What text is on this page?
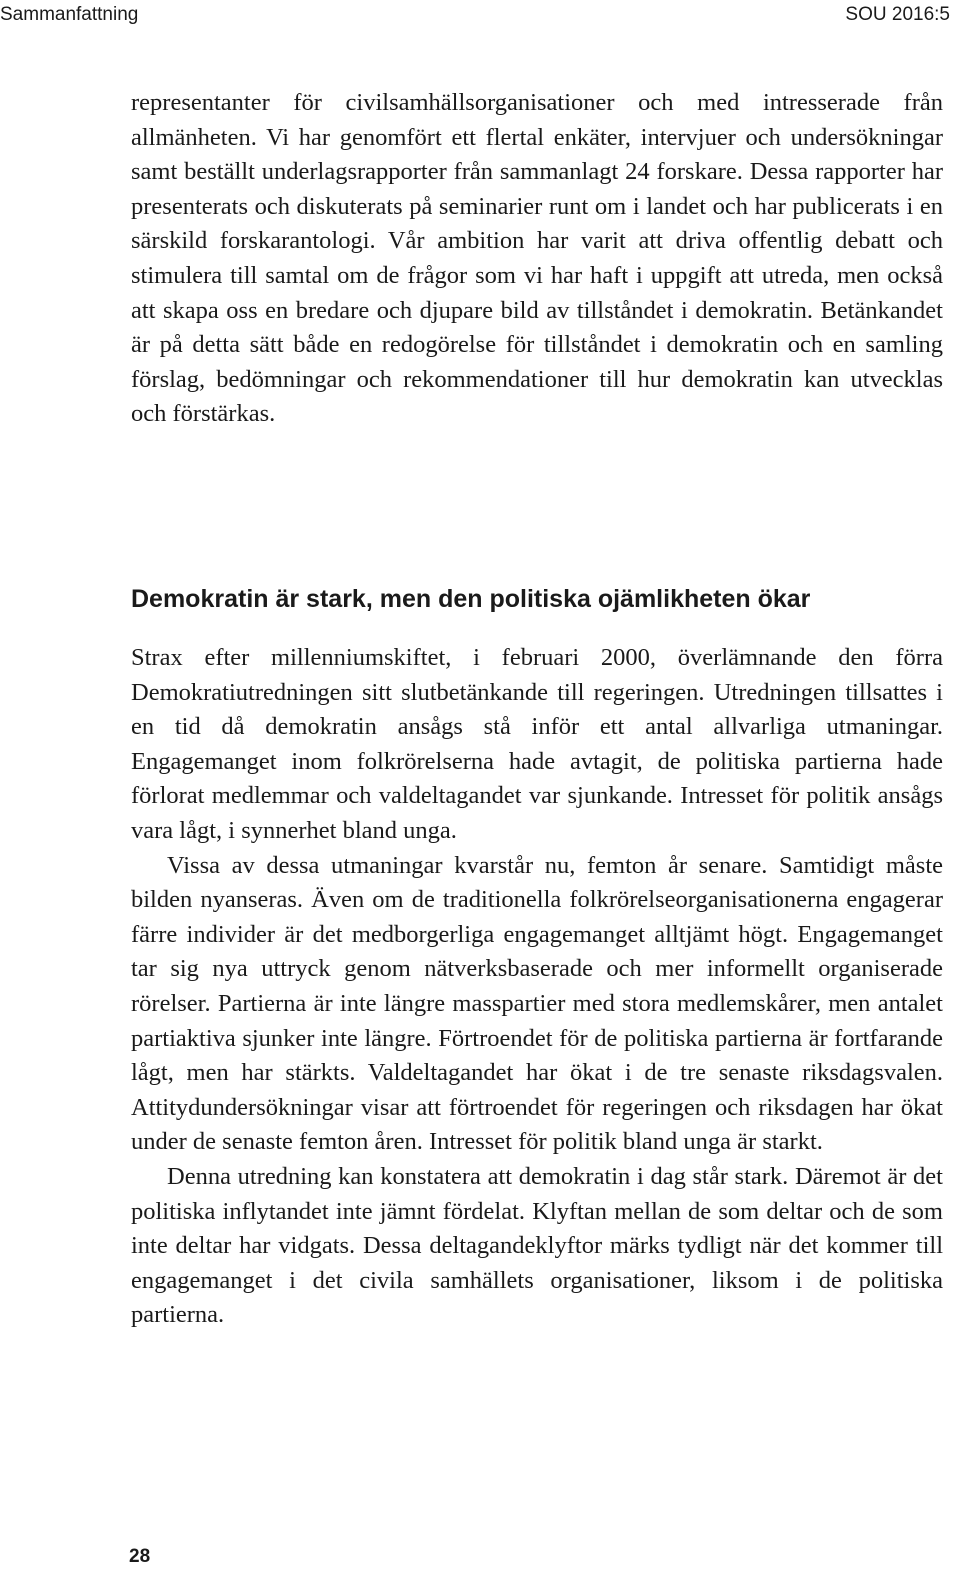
Sammanfattning	SOU 2016:5

representanter för civilsamhällsorganisationer och med intresserade från allmänheten. Vi har genomfört ett flertal enkäter, intervjuer och undersökningar samt beställt underlagsrapporter från sammanlagt 24 forskare. Dessa rapporter har presenterats och diskuterats på seminarier runt om i landet och har publicerats i en särskild forskarantologi. Vår ambition har varit att driva offentlig debatt och stimulera till samtal om de frågor som vi har haft i uppgift att utreda, men också att skapa oss en bredare och djupare bild av tillståndet i demokratin. Betänkandet är på detta sätt både en redogörelse för tillståndet i demokratin och en samling förslag, bedömningar och rekommendationer till hur demokratin kan utvecklas och förstärkas.

Demokratin är stark, men den politiska ojämlikheten ökar

Strax efter millenniumskiftet, i februari 2000, överlämnande den förra Demokratiutredningen sitt slutbetänkande till regeringen. Utredningen tillsattes i en tid då demokratin ansågs stå inför ett antal allvarliga utmaningar. Engagemanget inom folkrörelserna hade avtagit, de politiska partierna hade förlorat medlemmar och valdeltagandet var sjunkande. Intresset för politik ansågs vara lågt, i synnerhet bland unga.

Vissa av dessa utmaningar kvarstår nu, femton år senare. Samtidigt måste bilden nyanseras. Även om de traditionella folkrörelseorganisationerna engagerar färre individer är det medborgerliga engagemanget alltjämt högt. Engagemanget tar sig nya uttryck genom nätverksbaserade och mer informellt organiserade rörelser. Partierna är inte längre masspartier med stora medlemskårer, men antalet partiaktiva sjunker inte längre. Förtroendet för de politiska partierna är fortfarande lågt, men har stärkts. Valdeltagandet har ökat i de tre senaste riksdagsvalen. Attitydundersökningar visar att förtroendet för regeringen och riksdagen har ökat under de senaste femton åren. Intresset för politik bland unga är starkt.

Denna utredning kan konstatera att demokratin i dag står stark. Däremot är det politiska inflytandet inte jämnt fördelat. Klyftan mellan de som deltar och de som inte deltar har vidgats. Dessa deltagandeklyftor märks tydligt när det kommer till engagemanget i det civila samhällets organisationer, liksom i de politiska partierna.

28
